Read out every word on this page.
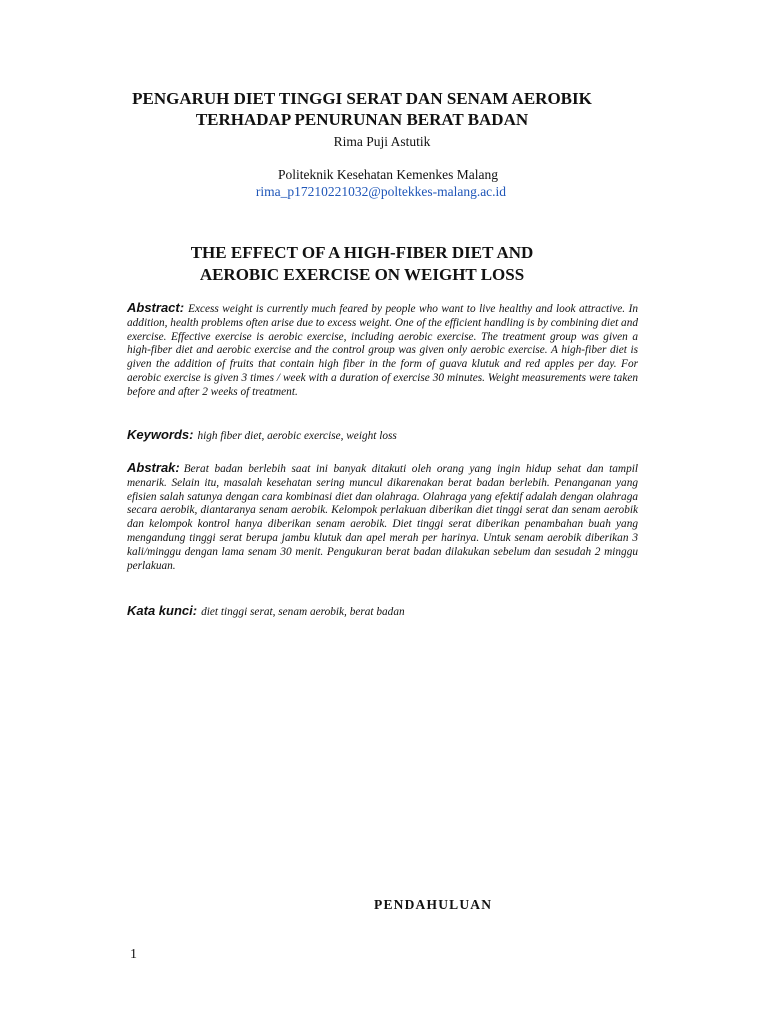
PENGARUH DIET TINGGI SERAT DAN SENAM AEROBIK
TERHADAP PENURUNAN BERAT BADAN
Rima Puji Astutik
Politeknik Kesehatan Kemenkes Malang
rima_p17210221032@poltekkes-malang.ac.id
THE EFFECT OF A HIGH-FIBER DIET AND
AEROBIC EXERCISE ON WEIGHT LOSS
Abstract: Excess weight is currently much feared by people who want to live healthy and look attractive. In addition, health problems often arise due to excess weight. One of the efficient handling is by combining diet and exercise. Effective exercise is aerobic exercise, including aerobic exercise. The treatment group was given a high-fiber diet and aerobic exercise and the control group was given only aerobic exercise. A high-fiber diet is given the addition of fruits that contain high fiber in the form of guava klutuk and red apples per day. For aerobic exercise is given 3 times / week with a duration of exercise 30 minutes. Weight measurements were taken before and after 2 weeks of treatment.
Keywords: high fiber diet, aerobic exercise, weight loss
Abstrak: Berat badan berlebih saat ini banyak ditakuti oleh orang yang ingin hidup sehat dan tampil menarik. Selain itu, masalah kesehatan sering muncul dikarenakan berat badan berlebih. Penanganan yang efisien salah satunya dengan cara kombinasi diet dan olahraga. Olahraga yang efektif adalah dengan olahraga secara aerobik, diantaranya senam aerobik. Kelompok perlakuan diberikan diet tinggi serat dan senam aerobik dan kelompok kontrol hanya diberikan senam aerobik. Diet tinggi serat diberikan penambahan buah yang mengandung tinggi serat berupa jambu klutuk dan apel merah per harinya. Untuk senam aerobik diberikan 3 kali/minggu dengan lama senam 30 menit. Pengukuran berat badan dilakukan sebelum dan sesudah 2 minggu perlakuan.
Kata kunci: diet tinggi serat, senam aerobik, berat badan
PENDAHULUAN
1
